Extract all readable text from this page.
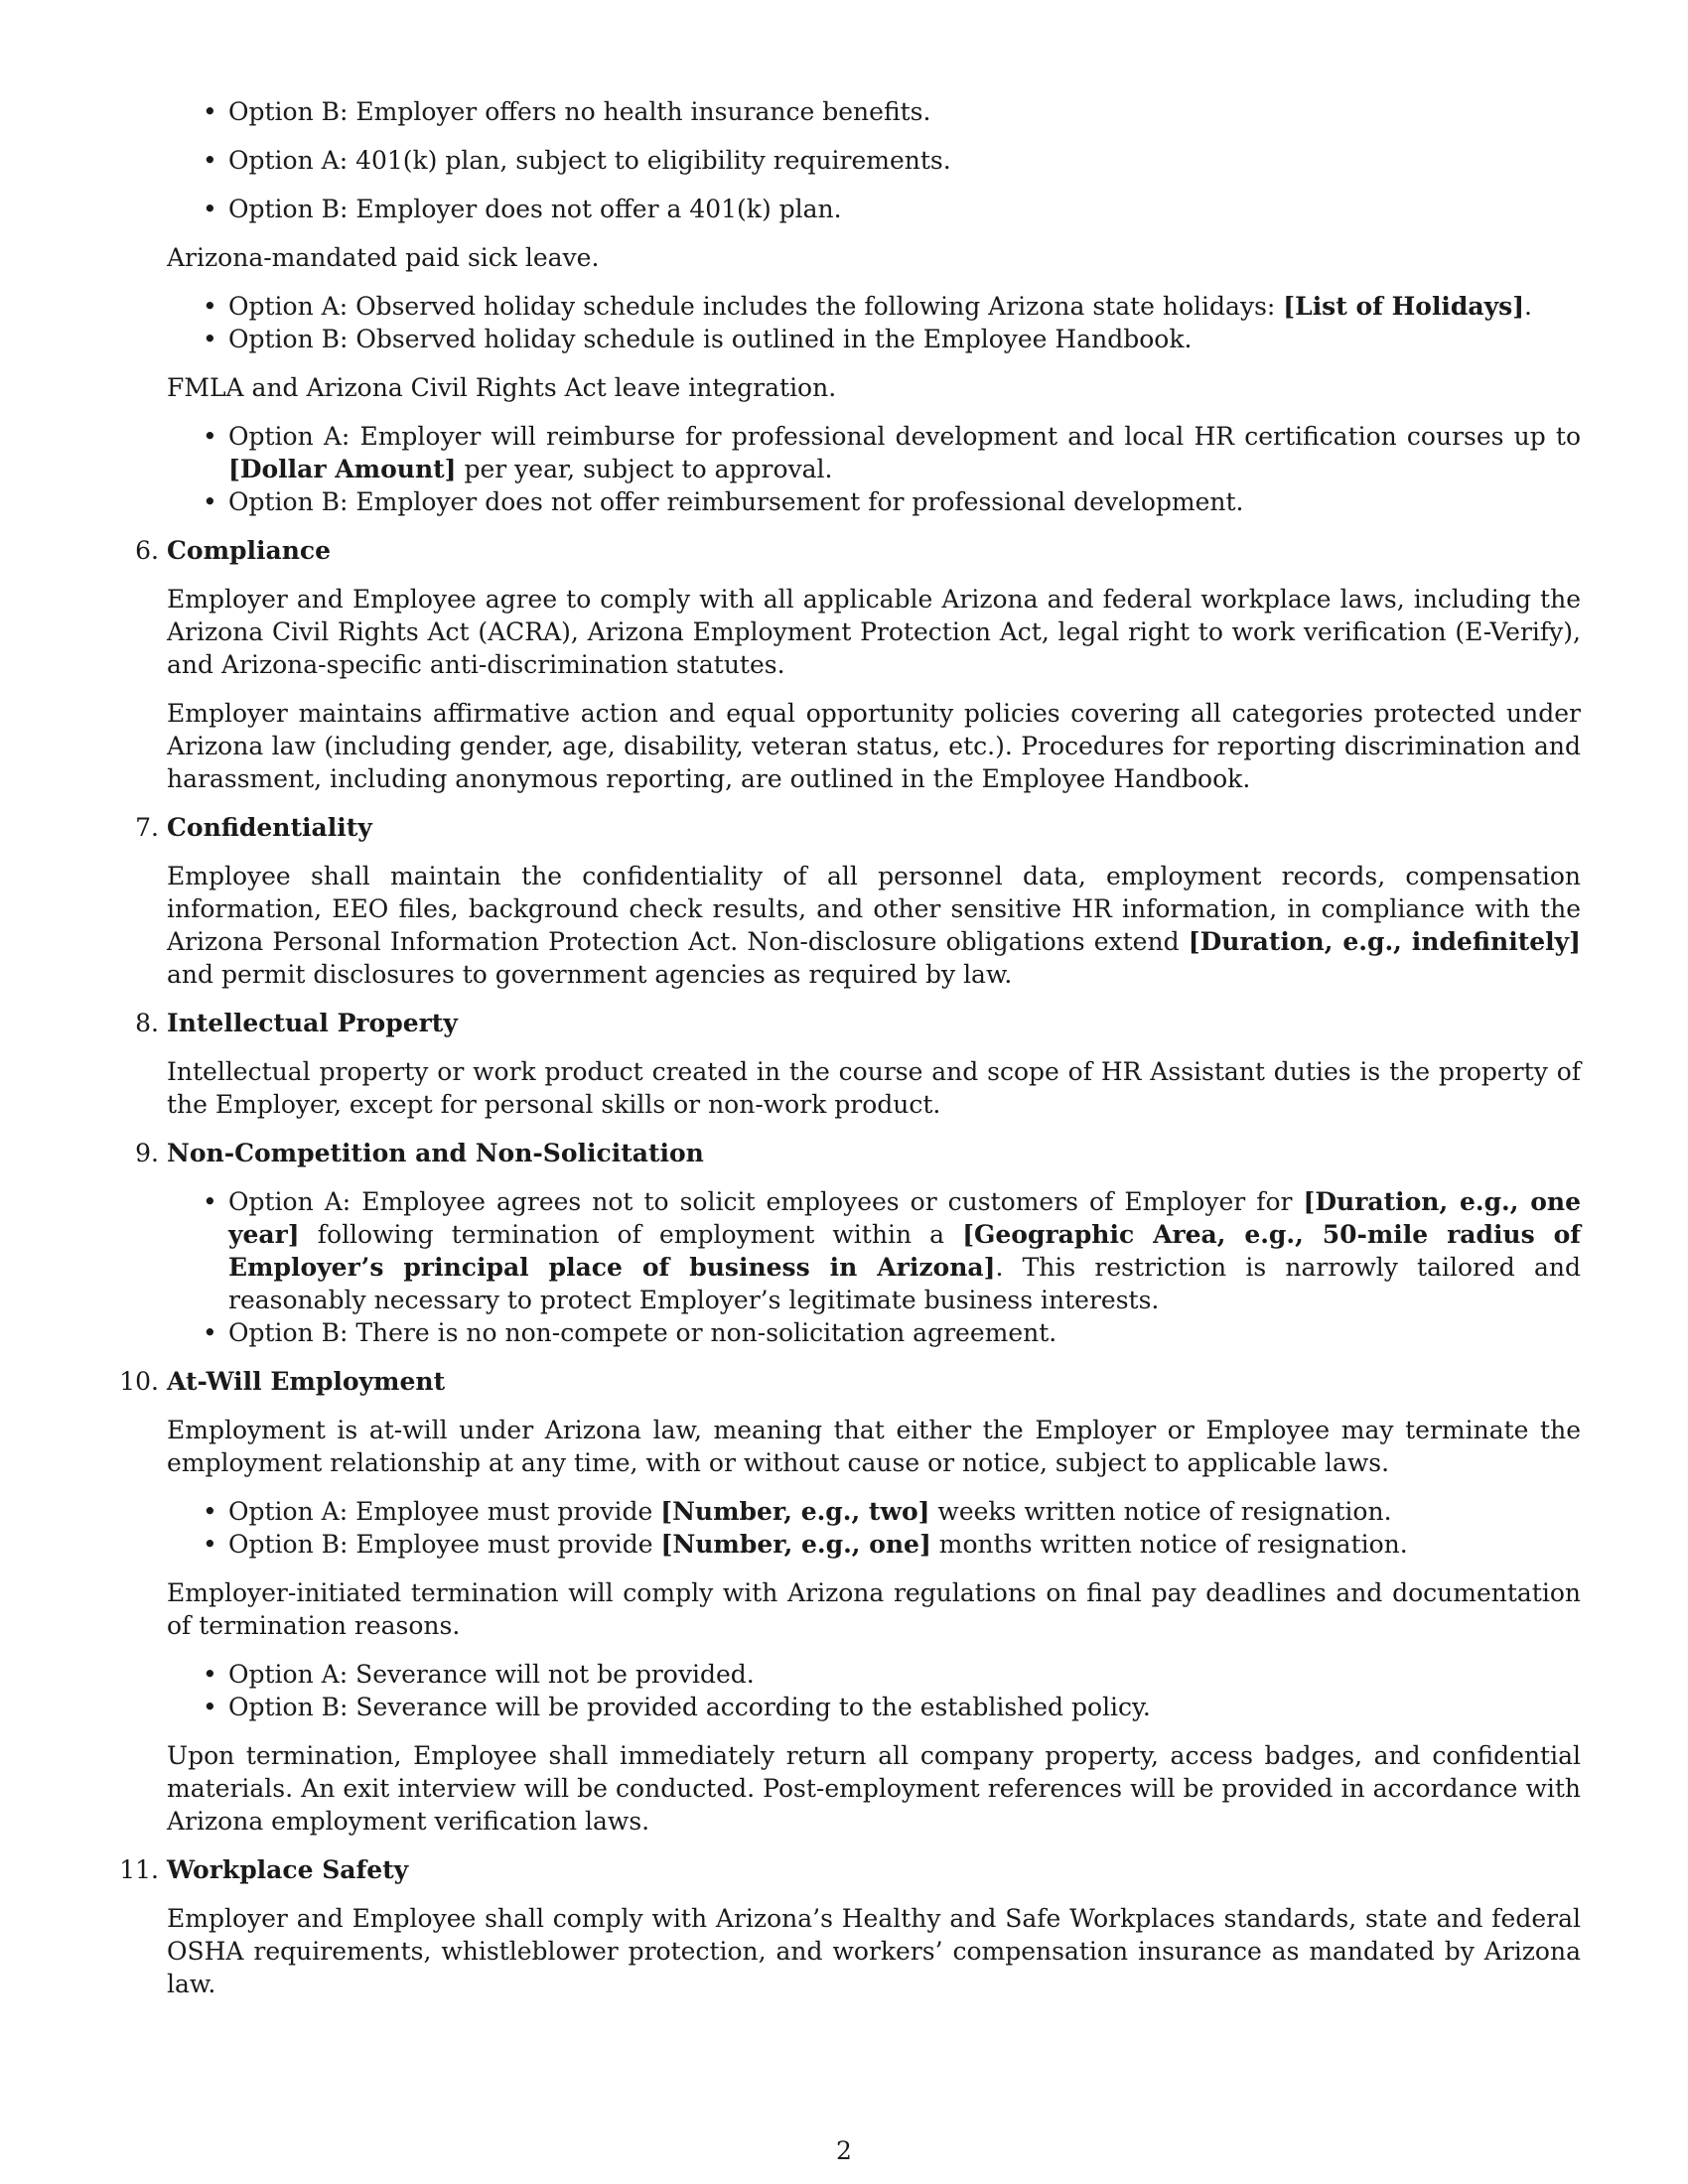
• Option B: Employer offers no health insurance benefits.
• Option A: 401(k) plan, subject to eligibility requirements.
• Option B: Employer does not offer a 401(k) plan.

Arizona-mandated paid sick leave.

• Option A: Observed holiday schedule includes the following Arizona state holidays: [List of Holidays].
• Option B: Observed holiday schedule is outlined in the Employee Handbook.

FMLA and Arizona Civil Rights Act leave integration.

• Option A: Employer will reimburse for professional development and local HR certification courses up to [Dollar Amount] per year, subject to approval.
• Option B: Employer does not offer reimbursement for professional development.
6. Compliance

Employer and Employee agree to comply with all applicable Arizona and federal workplace laws, including the Arizona Civil Rights Act (ACRA), Arizona Employment Protection Act, legal right to work verification (E-Verify), and Arizona-specific anti-discrimination statutes.

Employer maintains affirmative action and equal opportunity policies covering all categories protected under Arizona law (including gender, age, disability, veteran status, etc.). Procedures for reporting discrimination and harassment, including anonymous reporting, are outlined in the Employee Handbook.

7. Confidentiality

Employee shall maintain the confidentiality of all personnel data, employment records, compensation information, EEO files, background check results, and other sensitive HR information, in compliance with the Arizona Personal Information Protection Act. Non-disclosure obligations extend [Duration, e.g., indefinitely] and permit disclosures to government agencies as required by law.

8. Intellectual Property

Intellectual property or work product created in the course and scope of HR Assistant duties is the property of the Employer, except for personal skills or non-work product.

9. Non-Competition and Non-Solicitation
• Option A: Employee agrees not to solicit employees or customers of Employer for [Duration, e.g., one year] following termination of employment within a [Geographic Area, e.g., 50-mile radius of Employer’s principal place of business in Arizona]. This restriction is narrowly tailored and reasonably necessary to protect Employer’s legitimate business interests.
• Option B: There is no non-compete or non-solicitation agreement.
10. At-Will Employment

Employment is at-will under Arizona law, meaning that either the Employer or Employee may terminate the employment relationship at any time, with or without cause or notice, subject to applicable laws.

• Option A: Employee must provide [Number, e.g., two] weeks written notice of resignation.
• Option B: Employee must provide [Number, e.g., one] months written notice of resignation.

Employer-initiated termination will comply with Arizona regulations on final pay deadlines and documentation of termination reasons.

• Option A: Severance will not be provided.
• Option B: Severance will be provided according to the established policy.

Upon termination, Employee shall immediately return all company property, access badges, and confidential materials. An exit interview will be conducted. Post-employment references will be provided in accordance with Arizona employment verification laws.

11. Workplace Safety

Employer and Employee shall comply with Arizona’s Healthy and Safe Workplaces standards, state and federal OSHA requirements, whistleblower protection, and workers’ compensation insurance as mandated by Arizona law.

2
